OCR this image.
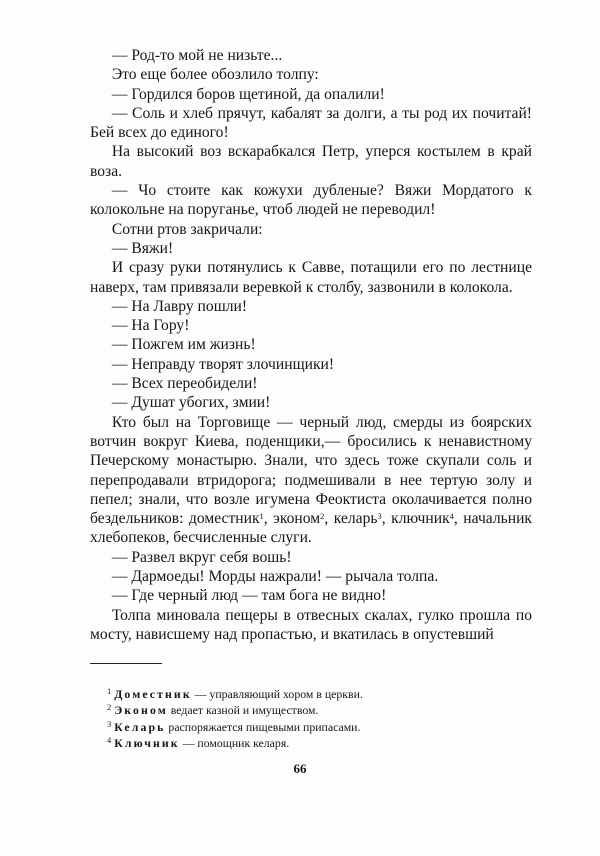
— Род-то мой не низьте...

Это еще более обозлило толпу:

— Гордился боров щетиной, да опалили!

— Соль и хлеб прячут, кабалят за долги, а ты род их почитай! Бей всех до единого!

На высокий воз вскарабкался Петр, уперся костылем в край воза.

— Чо стоите как кожухи дубленые? Вяжи Мордатого к колокольне на поруганье, чтоб людей не переводил!

Сотни ртов закричали:

— Вяжи!

И сразу руки потянулись к Савве, потащили его по лестнице наверх, там привязали веревкой к столбу, зазвонили в колокола.

— На Лавру пошли!

— На Гору!

— Пожгем им жизнь!

— Неправду творят злочинщики!

— Всех переобидели!

— Душат убогих, змии!

Кто был на Торговище — черный люд, смерды из боярских вотчин вокруг Киева, поденщики,— бросились к ненавистному Печерскому монастырю. Знали, что здесь тоже скупали соль и перепродавали втридорога; подмешивали в нее тертую золу и пепел; знали, что возле игумена Феоктиста околачивается полно бездельников: доместник$^1$, эконом$^2$, келарь$^3$, ключник$^4$, начальник хлебопеков, бесчисленные слуги.

— Развел вкруг себя вошь!

— Дармоеды! Морды нажрали! — рычала толпа.

— Где черный люд — там бога не видно!

Толпа миновала пещеры в отвесных скалах, гулко прошла по мосту, нависшему над пропастью, и вкатилась в опустевший

$^1$ Доместник — управляющий хором в церкви.

$^2$ Эконом ведает казной и имуществом.

$^3$ Келарь распоряжается пищевыми припасами.

$^4$ Ключник — помощник келаря.

66
